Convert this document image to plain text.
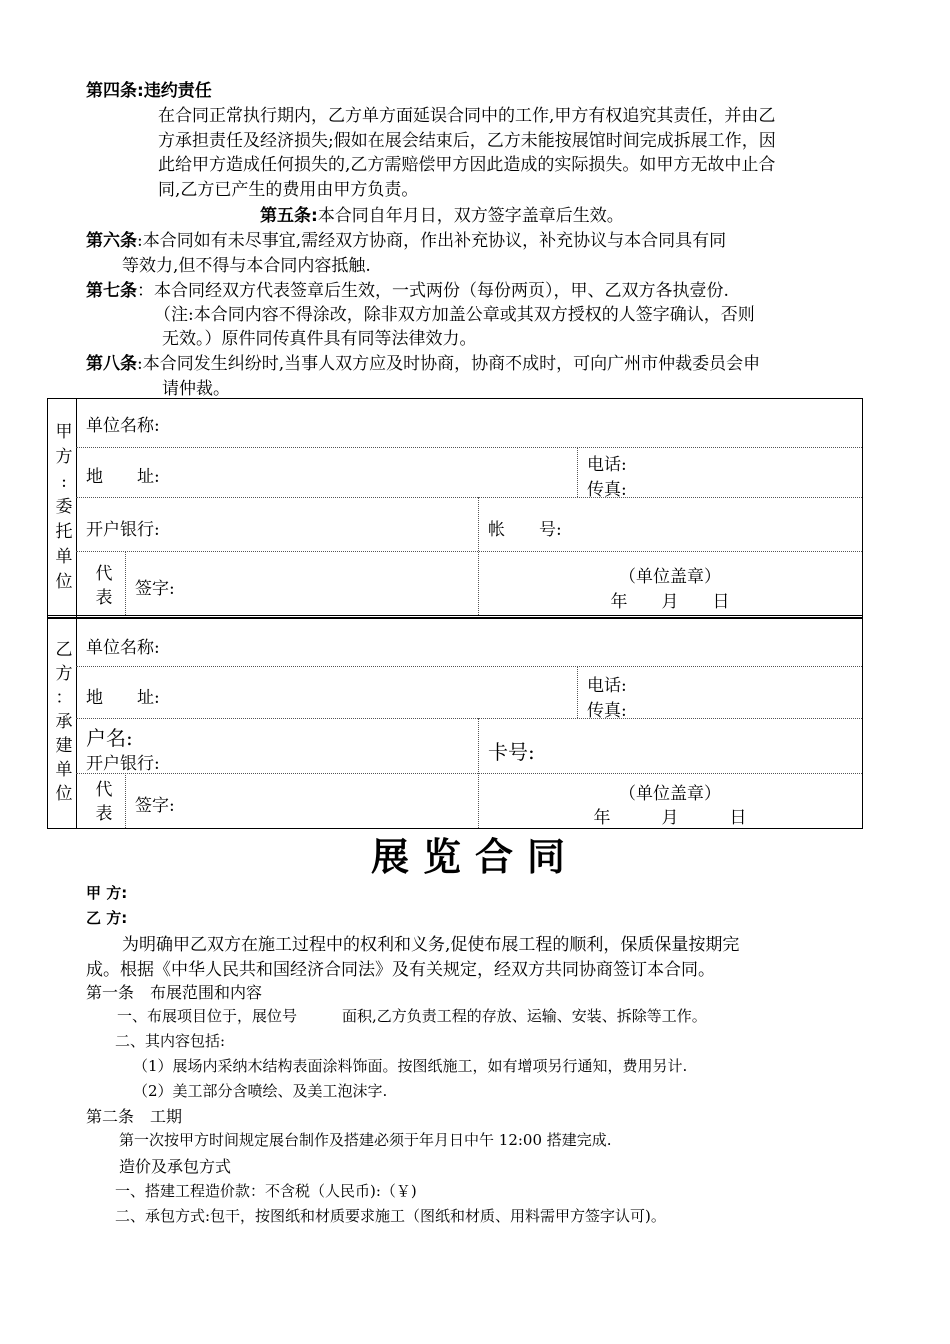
第四条:违约责任
在合同正常执行期内，乙方单方面延误合同中的工作,甲方有权追究其责任，并由乙
方承担责任及经济损失;假如在展会结束后，乙方未能按展馆时间完成拆展工作，因
此给甲方造成任何损失的,乙方需赔偿甲方因此造成的实际损失。如甲方无故中止合
同,乙方已产生的费用由甲方负责。
第五条:本合同自年月日，双方签字盖章后生效。
第六条:本合同如有未尽事宜,需经双方协商，作出补充协议，补充协议与本合同具有同
等效力,但不得与本合同内容抵触.
第七条：本合同经双方代表签章后生效，一式两份（每份两页），甲、乙双方各执壹份.
（注:本合同内容不得涂改，除非双方加盖公章或其双方授权的人签字确认，否则
无效。）原件同传真件具有同等法律效力。
第八条:本合同发生纠纷时,当事人双方应及时协商，协商不成时，可向广州市仲裁委员会申
请仲裁。
甲
方
:
委
托
单
位
单位名称:
地　　址:
电话:
传真:
开户银行:	帐　　号:
代
表 签字:
（单位盖章）
年　　月　　日
乙
方
：
承
建
单
位
单位名称:
地　　址:
电话:
传真:
户名:
开户银行:	卡号:
代
表 签字:
（单位盖章）
年　　　月　　　日
展览合同
甲 方:
乙 方:
为明确甲乙双方在施工过程中的权利和义务,促使布展工程的顺利，保质保量按期完
成。根据《中华人民共和国经济合同法》及有关规定，经双方共同协商签订本合同。
第一条　布展范围和内容
一、布展项目位于，展位号　　　面积,乙方负责工程的存放、运输、安装、拆除等工作。
二、其内容包括:
（1）展场内采纳木结构表面涂料饰面。按图纸施工，如有增项另行通知，费用另计.
（2）美工部分含喷绘、及美工泡沫字.
第二条　工期
第一次按甲方时间规定展台制作及搭建必须于年月日中午 12:00 搭建完成.
造价及承包方式
一、搭建工程造价款：不含税（人民币):（￥)
二、承包方式:包干，按图纸和材质要求施工（图纸和材质、用料需甲方签字认可)。
